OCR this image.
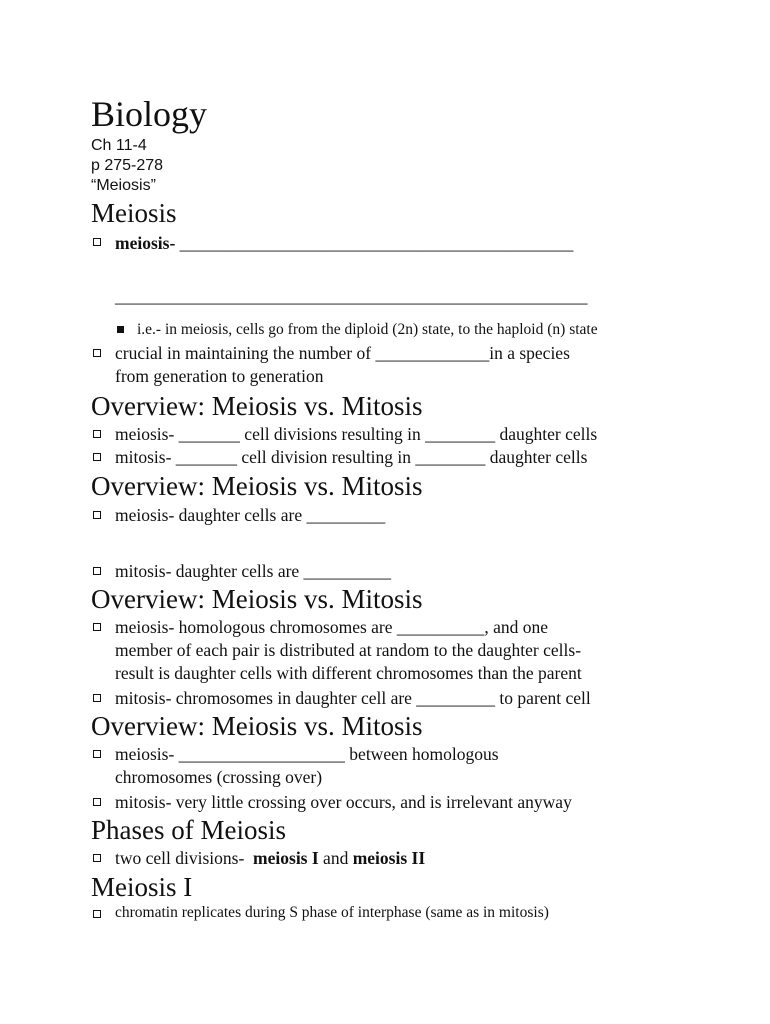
Biology
Ch 11-4
p 275-278
“Meiosis”
Meiosis
meiosis- _____________________________________________
______________________________________________________
i.e.- in meiosis, cells go from the diploid (2n) state, to the haploid (n) state
crucial in maintaining the number of _____________in a species
from generation to generation
Overview: Meiosis vs. Mitosis
meiosis- _______ cell divisions resulting in ________ daughter cells
mitosis- _______ cell division resulting in ________ daughter cells
Overview: Meiosis vs. Mitosis
meiosis- daughter cells are _________
mitosis- daughter cells are __________
Overview: Meiosis vs. Mitosis
meiosis- homologous chromosomes are __________, and one
member of each pair is distributed at random to the daughter cells-
result is daughter cells with different chromosomes than the parent
mitosis- chromosomes in daughter cell are _________ to parent cell
Overview: Meiosis vs. Mitosis
meiosis- ___________________ between homologous
chromosomes (crossing over)
mitosis- very little crossing over occurs, and is irrelevant anyway
Phases of Meiosis
two cell divisions-  meiosis I and meiosis II
Meiosis I
chromatin replicates during S phase of interphase (same as in mitosis)
